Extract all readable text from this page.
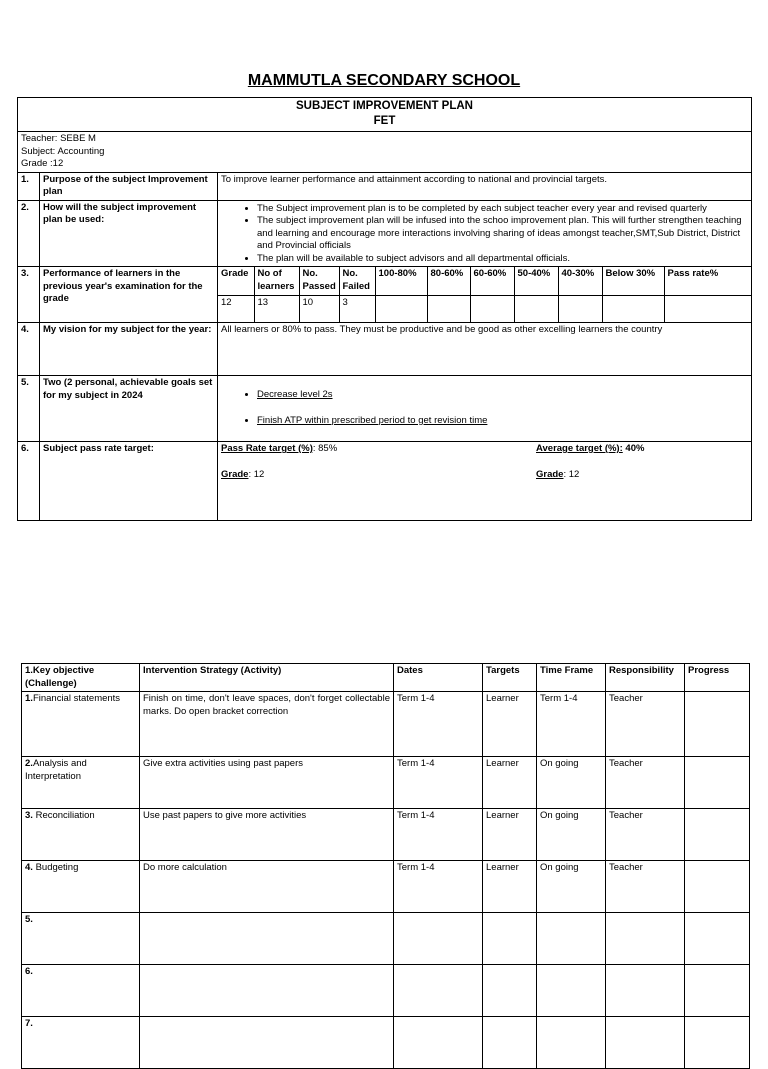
MAMMUTLA SECONDARY SCHOOL
SUBJECT IMPROVEMENT PLAN
FET

Teacher: SEBE M
Subject: Accounting
Grade :12

1.	Purpose of the subject Improvement plan	To improve learner performance and attainment according to national and provincial targets.
2.	How will the subject improvement plan be used:	
• The Subject improvement plan is to be completed by each subject teacher every year and revised quarterly
• The subject improvement plan will be infused into the schoo improvement plan. This will further strengthen teaching and learning and encourage more interactions involving sharing of ideas amongst teacher,SMT,Sub District, District and Provincial officials
• The plan will be available to subject advisors and all departmental officials.

3.	Performance of learners in the previous year's examination for the grade	
Grade	No of learners	No. Passed	No. Failed	100-80%	80-60%	60-60%	50-40%	40-30%	Below 30%	Pass rate%
12	13	10	3							

4.	My vision for my subject for the year:	All learners or 80% to pass. They must be productive and be good as other excelling learners the country
5.	Two (2 personal, achievable goals set for my subject in 2024	
•Decrease level 2s
• Finish ATP within prescribed period to get revision time

6.	Subject pass rate target:	Pass Rate target (%): 85%	Average target (%): 40%
Grade: 12	Grade: 12
1.Key objective (Challenge)	Intervention Strategy (Activity)	Dates	Targets	Time Frame	Responsibility	Progress
1.Financial statements	Finish on time, don't leave spaces, don't forget collectable marks. Do open bracket correction	Term 1-4	Learner	Term 1-4	Teacher	
2.Analysis and Interpretation	Give extra activities using past papers	Term 1-4	Learner	On going	Teacher	
3. Reconciliation	Use past papers to give more activities	Term 1-4	Learner	On going	Teacher	
4. Budgeting	Do more calculation	Term 1-4	Learner	On going	Teacher	
5.						
6.						
7.						
